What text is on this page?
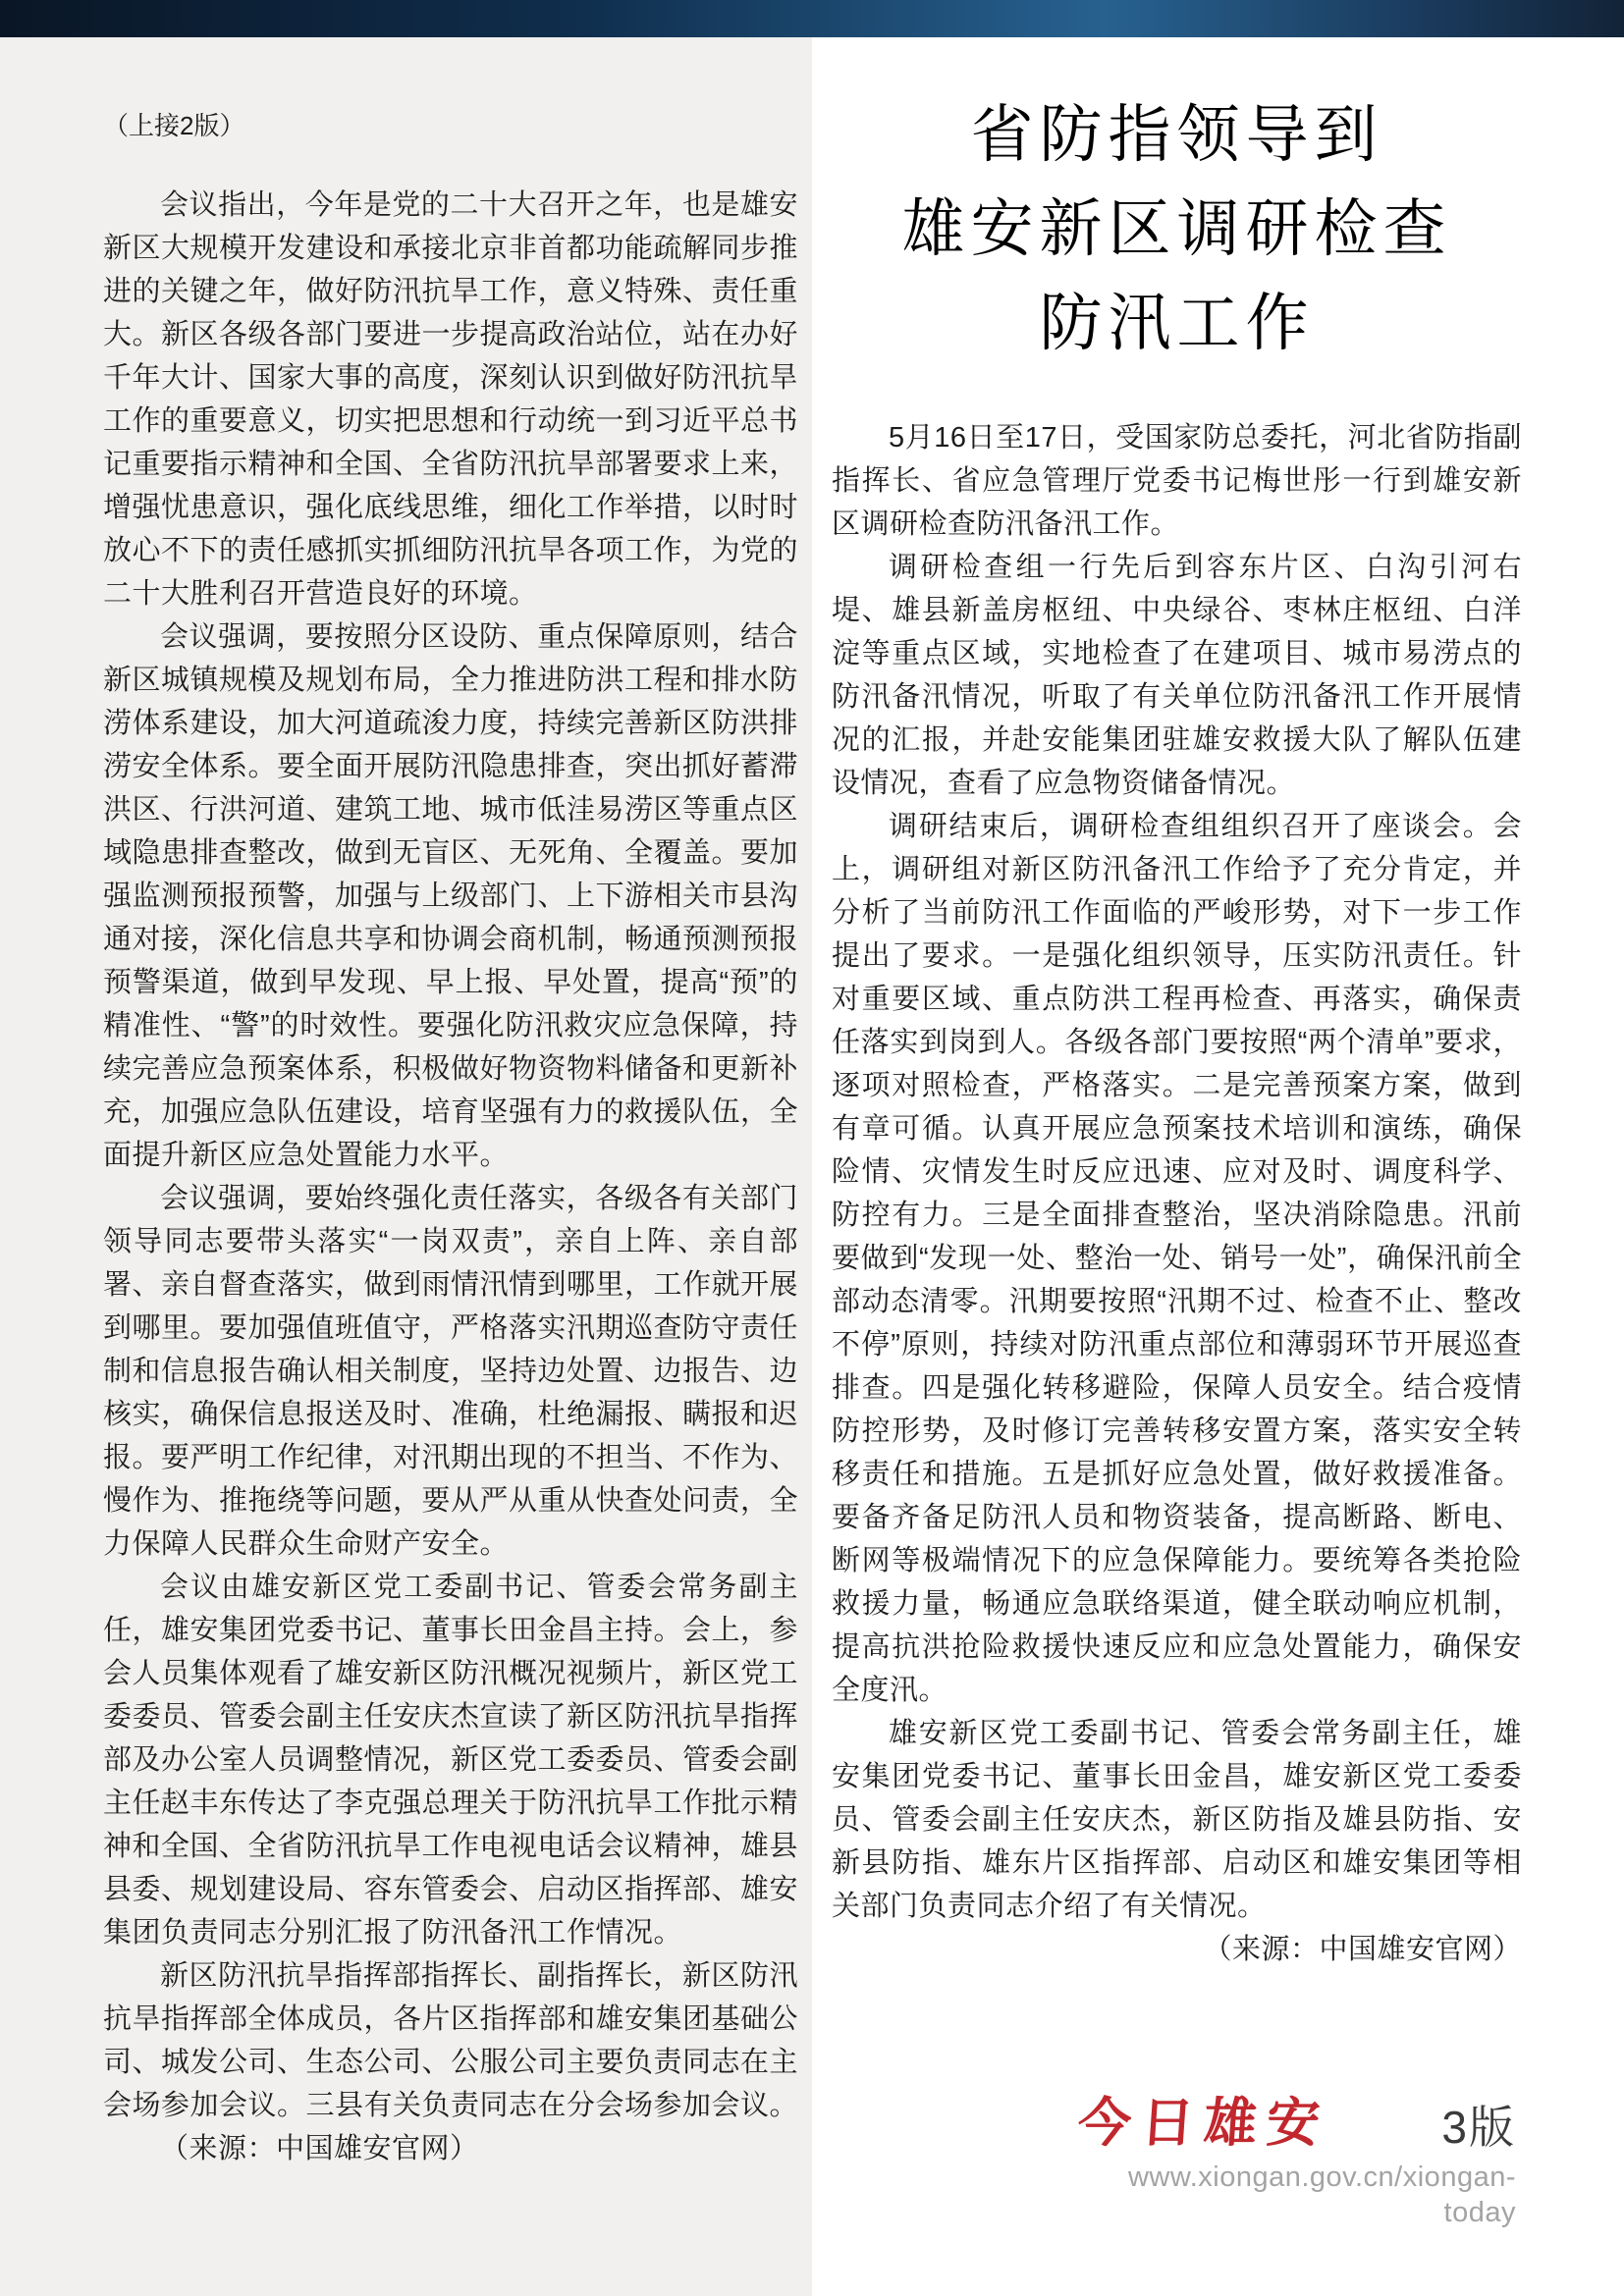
（上接2版）

会议指出，今年是党的二十大召开之年，也是雄安新区大规模开发建设和承接北京非首都功能疏解同步推进的关键之年，做好防汛抗旱工作，意义特殊、责任重大。新区各级各部门要进一步提高政治站位，站在办好千年大计、国家大事的高度，深刻认识到做好防汛抗旱工作的重要意义，切实把思想和行动统一到习近平总书记重要指示精神和全国、全省防汛抗旱部署要求上来，增强忧患意识，强化底线思维，细化工作举措，以时时放心不下的责任感抓实抓细防汛抗旱各项工作，为党的二十大胜利召开营造良好的环境。

会议强调，要按照分区设防、重点保障原则，结合新区城镇规模及规划布局，全力推进防洪工程和排水防涝体系建设，加大河道疏浚力度，持续完善新区防洪排涝安全体系。要全面开展防汛隐患排查，突出抓好蓄滞洪区、行洪河道、建筑工地、城市低洼易涝区等重点区域隐患排查整改，做到无盲区、无死角、全覆盖。要加强监测预报预警，加强与上级部门、上下游相关市县沟通对接，深化信息共享和协调会商机制，畅通预测预报预警渠道，做到早发现、早上报、早处置，提高“预”的精准性、“警”的时效性。要强化防汛救灾应急保障，持续完善应急预案体系，积极做好物资物料储备和更新补充，加强应急队伍建设，培育坚强有力的救援队伍，全面提升新区应急处置能力水平。

会议强调，要始终强化责任落实，各级各有关部门领导同志要带头落实“一岗双责”，亲自上阵、亲自部署、亲自督查落实，做到雨情汛情到哪里，工作就开展到哪里。要加强值班值守，严格落实汛期巡查防守责任制和信息报告确认相关制度，坚持边处置、边报告、边核实，确保信息报送及时、准确，杜绝漏报、瞒报和迟报。要严明工作纪律，对汛期出现的不担当、不作为、慢作为、推拖绕等问题，要从严从重从快查处问责，全力保障人民群众生命财产安全。

会议由雄安新区党工委副书记、管委会常务副主任，雄安集团党委书记、董事长田金昌主持。会上，参会人员集体观看了雄安新区防汛概况视频片，新区党工委委员、管委会副主任安庆杰宣读了新区防汛抗旱指挥部及办公室人员调整情况，新区党工委委员、管委会副主任赵丰东传达了李克强总理关于防汛抗旱工作批示精神和全国、全省防汛抗旱工作电视电话会议精神，雄县县委、规划建设局、容东管委会、启动区指挥部、雄安集团负责同志分别汇报了防汛备汛工作情况。

新区防汛抗旱指挥部指挥长、副指挥长，新区防汛抗旱指挥部全体成员，各片区指挥部和雄安集团基础公司、城发公司、生态公司、公服公司主要负责同志在主会场参加会议。三县有关负责同志在分会场参加会议。

（来源：中国雄安官网）

省防指领导到
雄安新区调研检查
防汛工作

5月16日至17日，受国家防总委托，河北省防指副指挥长、省应急管理厅党委书记梅世彤一行到雄安新区调研检查防汛备汛工作。

调研检查组一行先后到容东片区、白沟引河右堤、雄县新盖房枢纽、中央绿谷、枣林庄枢纽、白洋淀等重点区域，实地检查了在建项目、城市易涝点的防汛备汛情况，听取了有关单位防汛备汛工作开展情况的汇报，并赴安能集团驻雄安救援大队了解队伍建设情况，查看了应急物资储备情况。

调研结束后，调研检查组组织召开了座谈会。会上，调研组对新区防汛备汛工作给予了充分肯定，并分析了当前防汛工作面临的严峻形势，对下一步工作提出了要求。一是强化组织领导，压实防汛责任。针对重要区域、重点防洪工程再检查、再落实，确保责任落实到岗到人。各级各部门要按照“两个清单”要求，逐项对照检查，严格落实。二是完善预案方案，做到有章可循。认真开展应急预案技术培训和演练，确保险情、灾情发生时反应迅速、应对及时、调度科学、防控有力。三是全面排查整治，坚决消除隐患。汛前要做到“发现一处、整治一处、销号一处”，确保汛前全部动态清零。汛期要按照“汛期不过、检查不止、整改不停”原则，持续对防汛重点部位和薄弱环节开展巡查排查。四是强化转移避险，保障人员安全。结合疫情防控形势，及时修订完善转移安置方案，落实安全转移责任和措施。五是抓好应急处置，做好救援准备。要备齐备足防汛人员和物资装备，提高断路、断电、断网等极端情况下的应急保障能力。要统筹各类抢险救援力量，畅通应急联络渠道，健全联动响应机制，提高抗洪抢险救援快速反应和应急处置能力，确保安全度汛。

雄安新区党工委副书记、管委会常务副主任，雄安集团党委书记、董事长田金昌，雄安新区党工委委员、管委会副主任安庆杰，新区防指及雄县防指、安新县防指、雄东片区指挥部、启动区和雄安集团等相关部门负责同志介绍了有关情况。
（来源：中国雄安官网）

今日雄安 3版
www.xiongan.gov.cn/xiongan-today
